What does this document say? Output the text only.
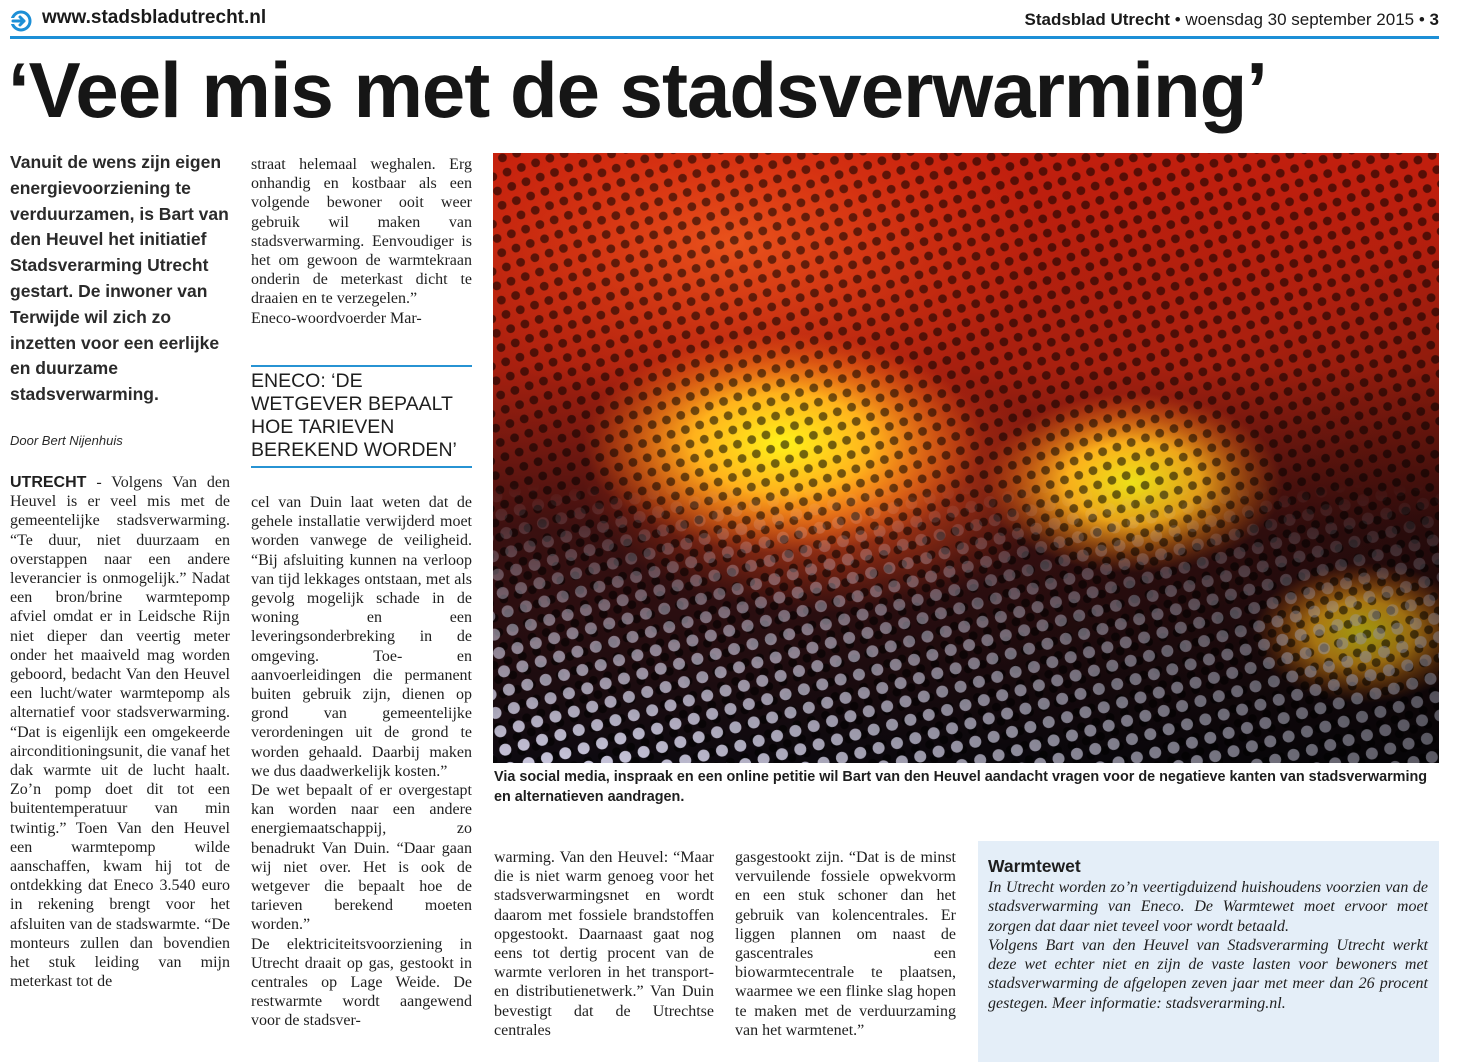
www.stadsbladutrecht.nl	Stadsblad Utrecht • woensdag 30 september 2015 • 3
‘Veel mis met de stadsverwarming’
Vanuit de wens zijn eigen energievoorziening te verduurzamen, is Bart van den Heuvel het initiatief Stadsverarming Utrecht gestart. De inwoner van Terwijde wil zich zo inzetten voor een eerlijke en duurzame stadsverwarming.
Door Bert Nijenhuis
UTRECHT - Volgens Van den Heuvel is er veel mis met de gemeentelijke stadsverwarming. “Te duur, niet duurzaam en overstappen naar een andere leverancier is onmogelijk.” Nadat een bron/brine warmtepomp afviel omdat er in Leidsche Rijn niet dieper dan veertig meter onder het maaiveld mag worden geboord, bedacht Van den Heuvel een lucht/water warmtepomp als alternatief voor stadsverwarming. “Dat is eigenlijk een omgekeerde airconditioningsunit, die vanaf het dak warmte uit de lucht haalt. Zo’n pomp doet dit tot een buitentemperatuur van min twintig.” Toen Van den Heuvel een warmtepomp wilde aanschaffen, kwam hij tot de ontdekking dat Eneco 3.540 euro in rekening brengt voor het afsluiten van de stadswarmte. “De monteurs zullen dan bovendien het stuk leiding van mijn meterkast tot de
straat helemaal weghalen. Erg onhandig en kostbaar als een volgende bewoner ooit weer gebruik wil maken van stadsverwarming. Eenvoudiger is het om gewoon de warmtekraan onderin de meterkast dicht te draaien en te verzegelen.”
Eneco-woordvoerder Mar-
ENECO: ‘DE WETGEVER BEPAALT HOE TARIEVEN BEREKEND WORDEN’
cel van Duin laat weten dat de gehele installatie verwijderd moet worden vanwege de veiligheid. “Bij afsluiting kunnen na verloop van tijd lekkages ontstaan, met als gevolg mogelijk schade in de woning en een leveringsonderbreking in de omgeving. Toe- en aanvoerleidingen die permanent buiten gebruik zijn, dienen op grond van gemeentelijke verordeningen uit de grond te worden gehaald. Daarbij maken we dus daadwerkelijk kosten.”
De wet bepaalt of er overgestapt kan worden naar een andere energiemaatschappij, zo benadrukt Van Duin. “Daar gaan wij niet over. Het is ook de wetgever die bepaalt hoe de tarieven berekend moeten worden.”
De elektriciteitsvoorziening in Utrecht draait op gas, gestookt in centrales op Lage Weide. De restwarmte wordt aangewend voor de stadsver-
Via social media, inspraak en een online petitie wil Bart van den Heuvel aandacht vragen voor de negatieve kanten van stadsverwarming en alternatieven aandragen.
warming. Van den Heuvel: “Maar die is niet warm genoeg voor het stadsverwarmingsnet en wordt daarom met fossiele brandstoffen opgestookt. Daarnaast gaat nog eens tot dertig procent van de warmte verloren in het transport- en distributienetwerk.” Van Duin bevestigt dat de Utrechtse centrales
gasgestookt zijn. “Dat is de minst vervuilende fossiele opwekvorm en een stuk schoner dan het gebruik van kolencentrales. Er liggen plannen om naast de gascentrales een biowarmtecentrale te plaatsen, waarmee we een flinke slag hopen te maken met de verduurzaming van het warmtenet.”
Warmtewet
In Utrecht worden zo’n veertigduizend huishoudens voorzien van de stadsverwarming van Eneco. De Warmtewet moet ervoor moet zorgen dat daar niet teveel voor wordt betaald.
Volgens Bart van den Heuvel van Stadsverarming Utrecht werkt deze wet echter niet en zijn de vaste lasten voor bewoners met stadsverwarming de afgelopen zeven jaar met meer dan 26 procent gestegen. Meer informatie: stadsverarming.nl.
